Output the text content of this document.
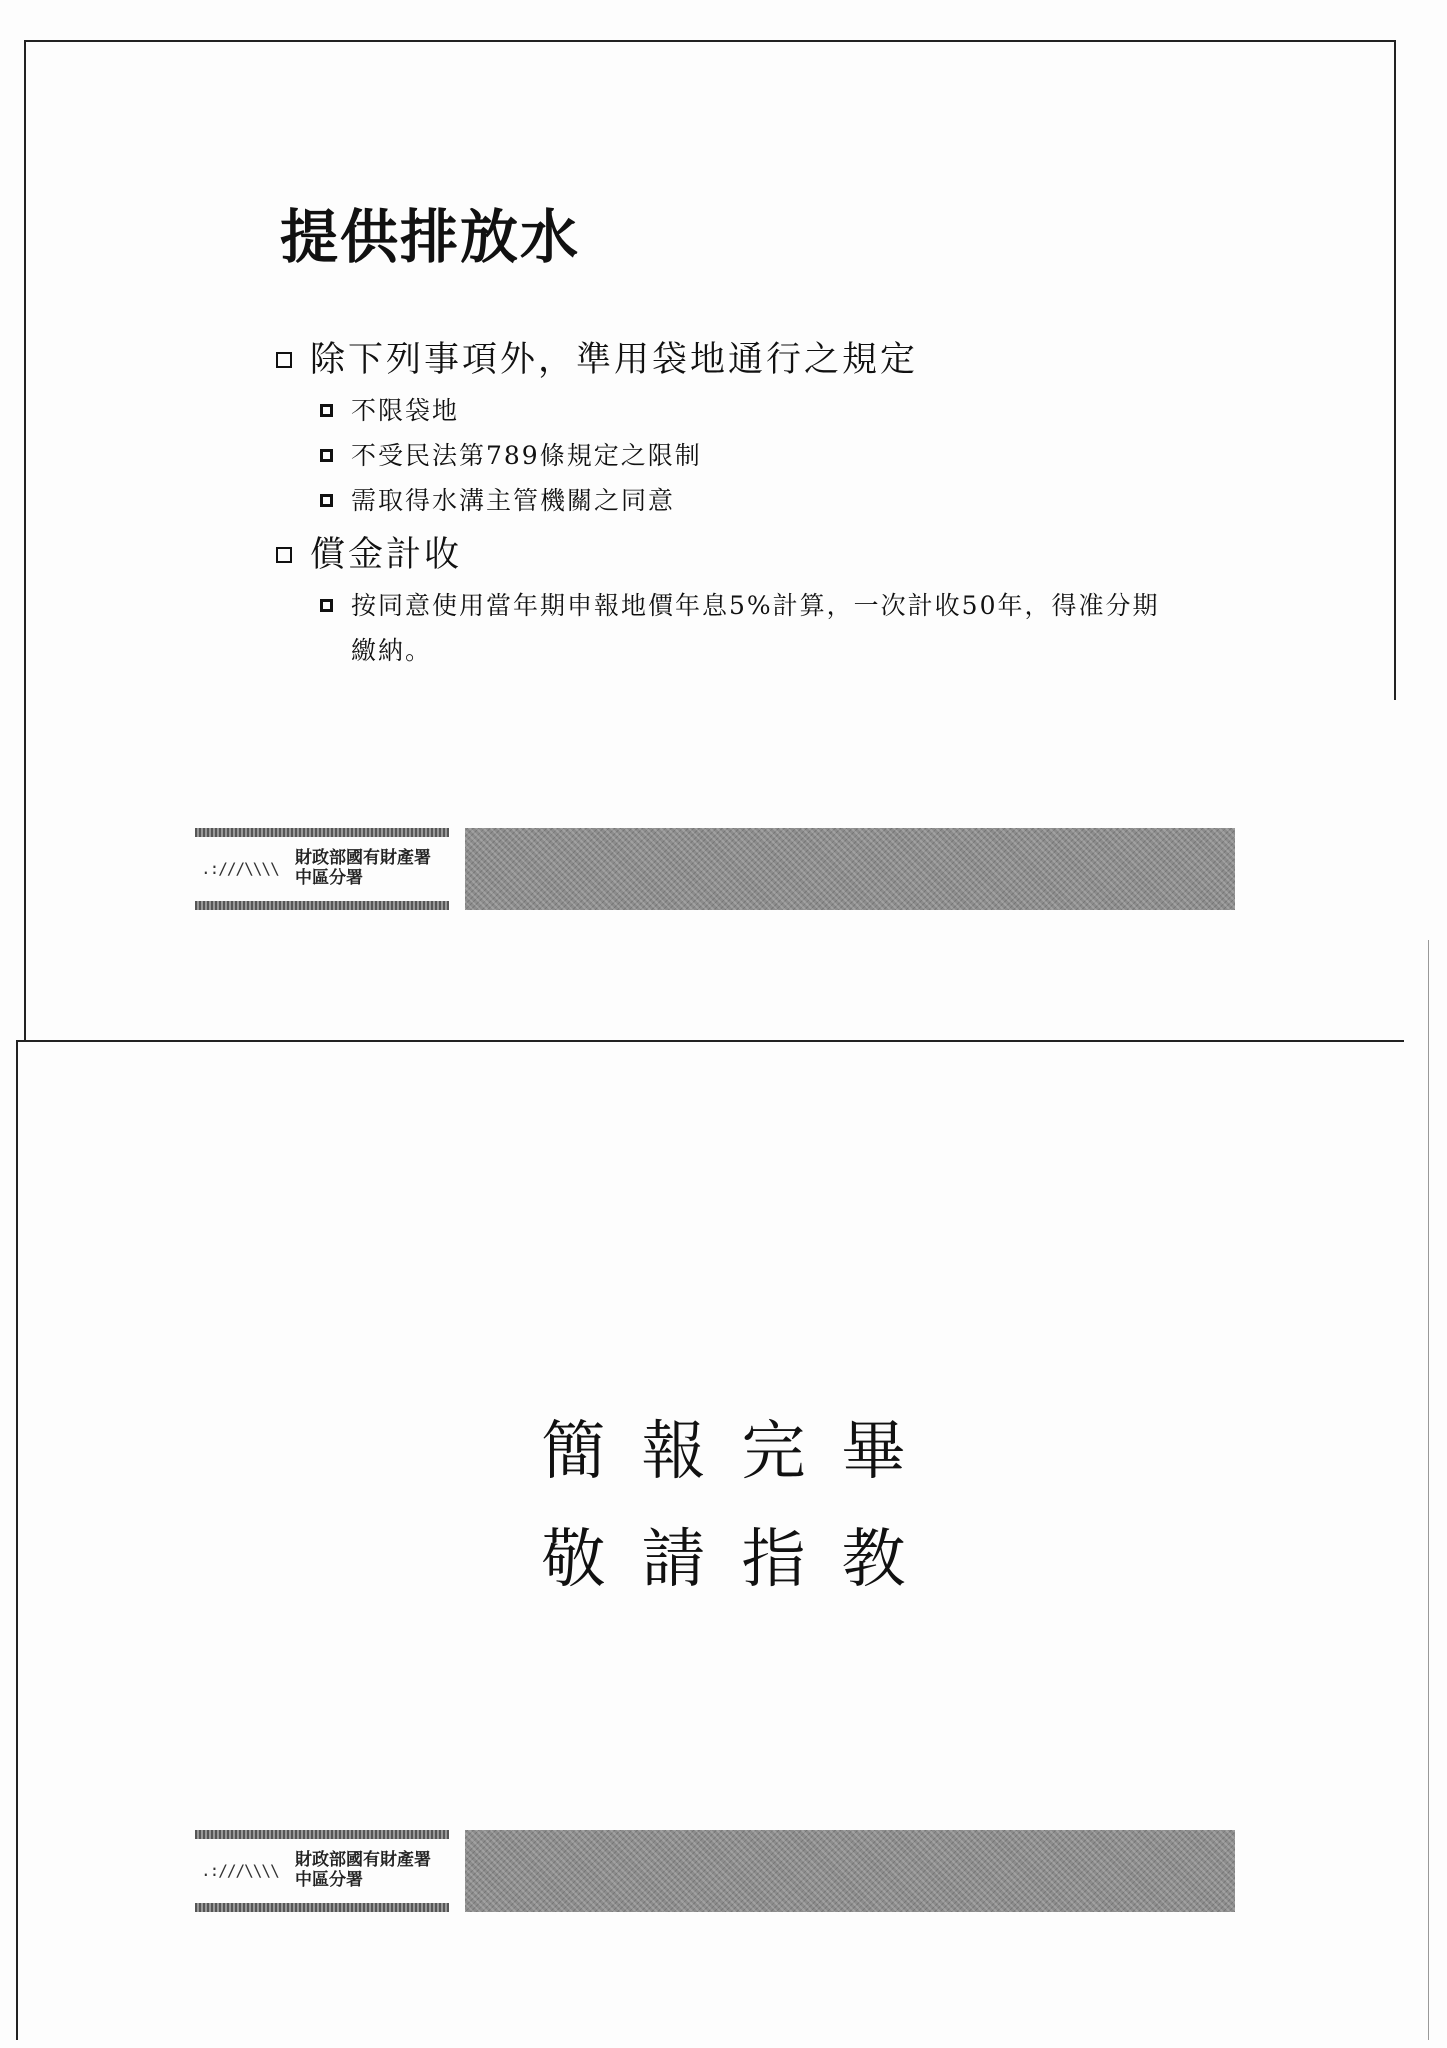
提供排放水
除下列事項外，準用袋地通行之規定
不限袋地
不受民法第789條規定之限制
需取得水溝主管機關之同意
償金計收
按同意使用當年期申報地價年息5%計算，一次計收50年，得准分期繳納。
.:///\\\\
財政部國有財產署
中區分署
簡報完畢
敬請指教
.:///\\\\
財政部國有財產署
中區分署
